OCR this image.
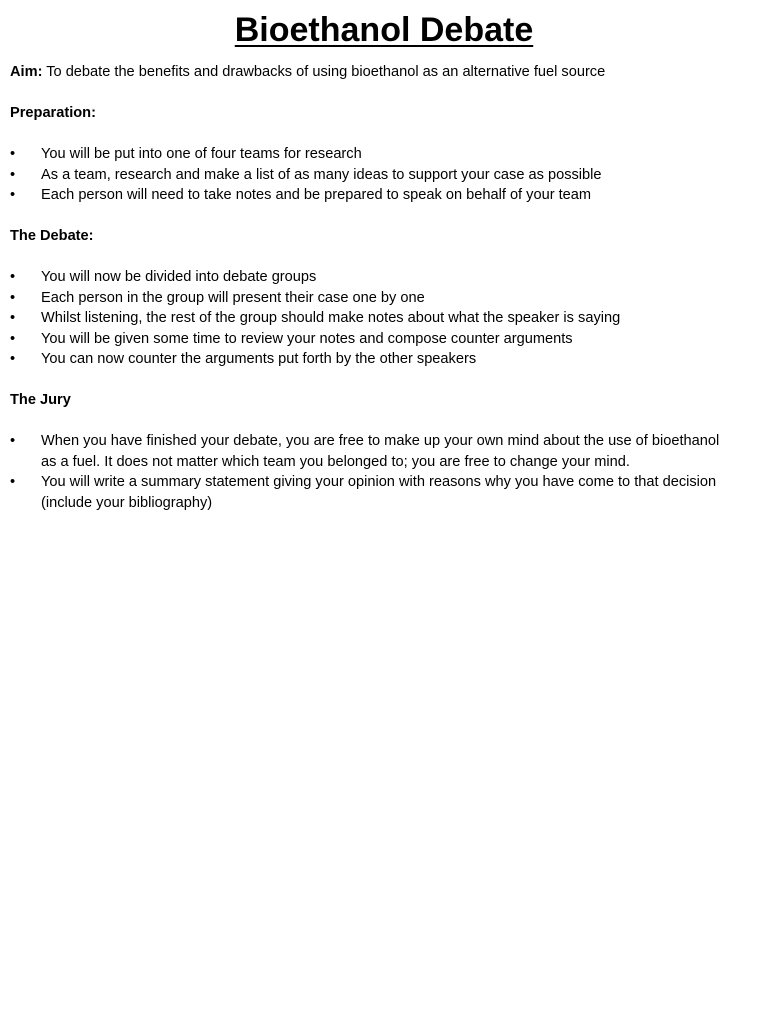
Bioethanol Debate

Aim: To debate the benefits and drawbacks of using bioethanol as an alternative fuel source

Preparation:

•	You will be put into one of four teams for research
•	As a team, research and make a list of as many ideas to support your case as possible
•	Each person will need to take notes and be prepared to speak on behalf of your team

The Debate:

•	You will now be divided into debate groups
•	Each person in the group will present their case one by one
•	Whilst listening, the rest of the group should make notes about what the speaker is saying
•	You will be given some time to review your notes and compose counter arguments
•	You can now counter the arguments put forth by the other speakers

The Jury

•	When you have finished your debate, you are free to make up your own mind about the use of bioethanol as a fuel. It does not matter which team you belonged to; you are free to change your mind.
•	You will write a summary statement giving your opinion with reasons why you have come to that decision (include your bibliography)
